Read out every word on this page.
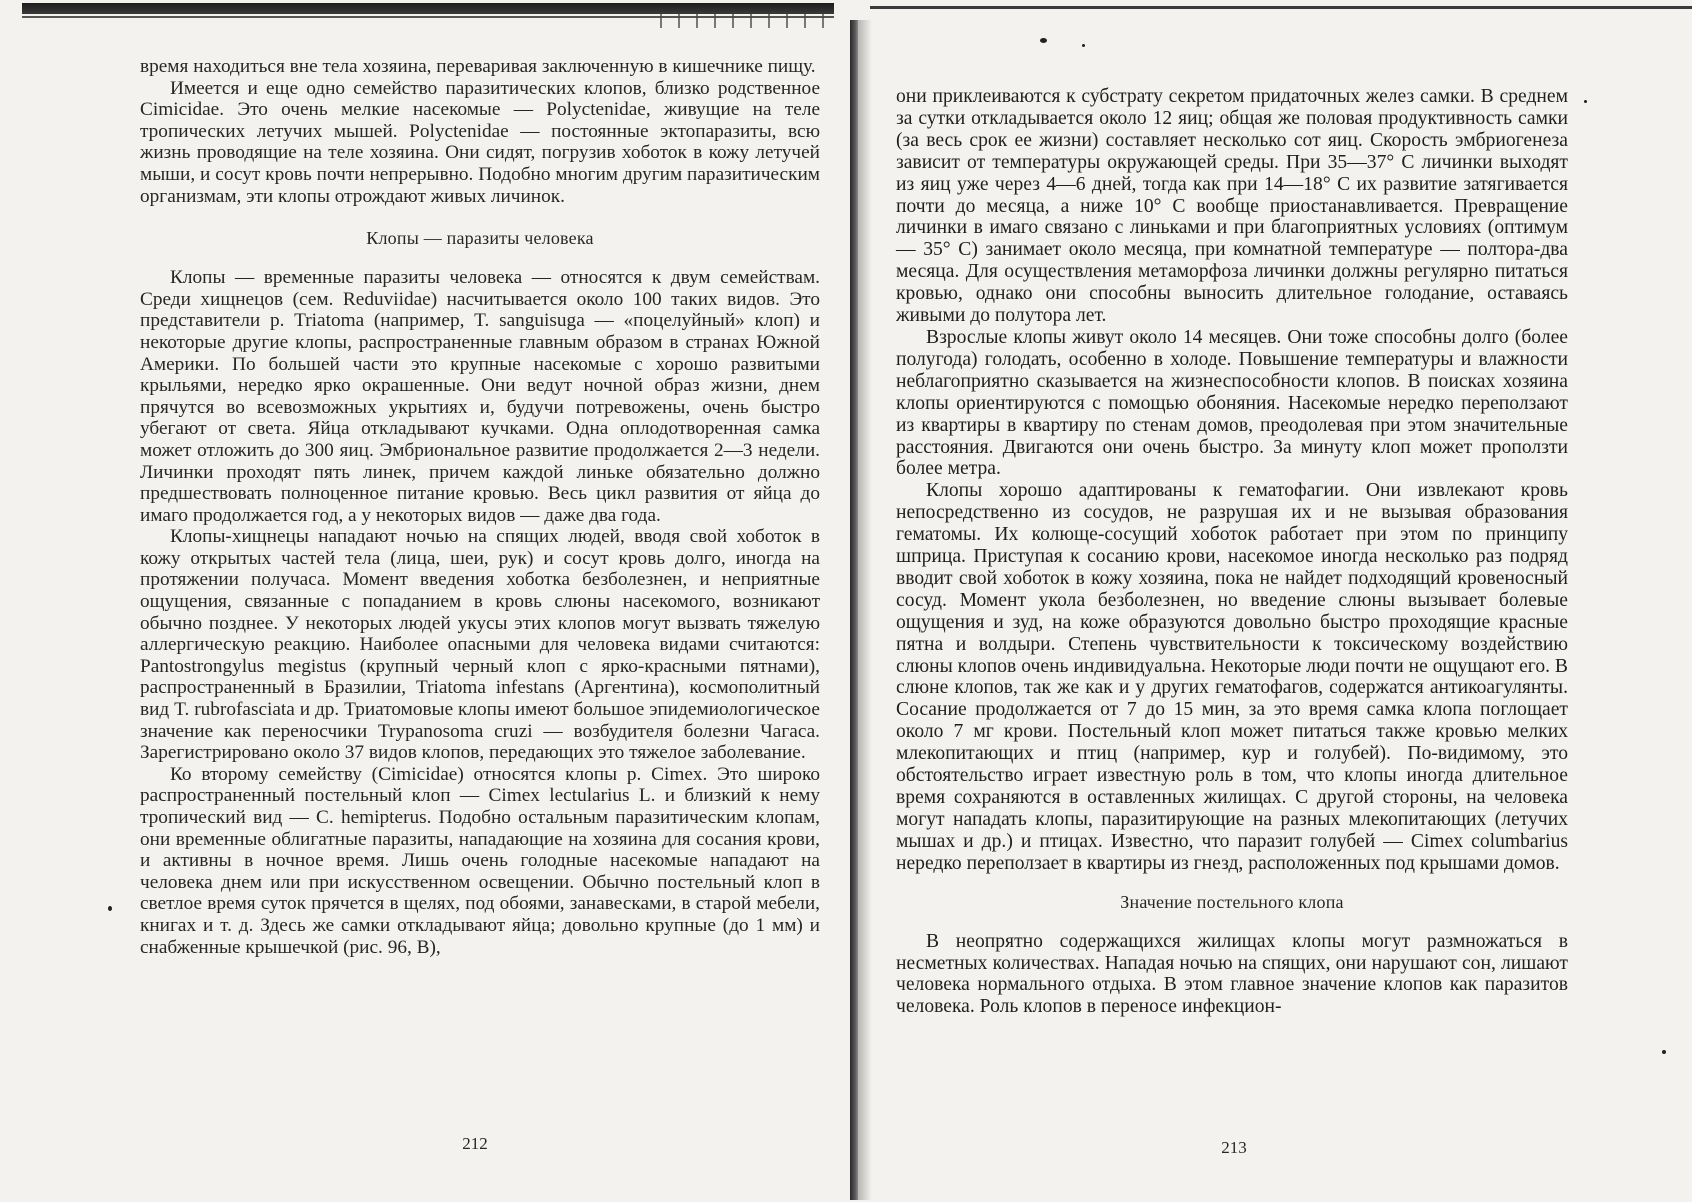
время находиться вне тела хозяина, переваривая заключенную в кишечнике пищу.

Имеется и еще одно семейство паразитических клопов, близко родственное Cimicidae. Это очень мелкие насекомые — Polyctenidae, живущие на теле тропических летучих мышей. Polyctenidae — постоянные эктопаразиты, всю жизнь проводящие на теле хозяина. Они сидят, погрузив хоботок в кожу летучей мыши, и сосут кровь почти непрерывно. Подобно многим другим паразитическим организмам, эти клопы отрождают живых личинок.

Клопы — паразиты человека

Клопы — временные паразиты человека — относятся к двум семействам. Среди хищнецов (сем. Reduviidae) насчитывается около 100 таких видов. Это представители р. Triatoma (например, T. sanguisuga — «поцелуйный» клоп) и некоторые другие клопы, распространенные главным образом в странах Южной Америки. По большей части это крупные насекомые с хорошо развитыми крыльями, нередко ярко окрашенные. Они ведут ночной образ жизни, днем прячутся во всевозможных укрытиях и, будучи потревожены, очень быстро убегают от света. Яйца откладывают кучками. Одна оплодотворенная самка может отложить до 300 яиц. Эмбриональное развитие продолжается 2—3 недели. Личинки проходят пять линек, причем каждой линьке обязательно должно предшествовать полноценное питание кровью. Весь цикл развития от яйца до имаго продолжается год, а у некоторых видов — даже два года.

Клопы-хищнецы нападают ночью на спящих людей, вводя свой хоботок в кожу открытых частей тела (лица, шеи, рук) и сосут кровь долго, иногда на протяжении получаса. Момент введения хоботка безболезнен, и неприятные ощущения, связанные с попаданием в кровь слюны насекомого, возникают обычно позднее. У некоторых людей укусы этих клопов могут вызвать тяжелую аллергическую реакцию. Наиболее опасными для человека видами считаются: Pantostrongylus megistus (крупный черный клоп с ярко-красными пятнами), распространенный в Бразилии, Triatoma infestans (Аргентина), космополитный вид T. rubrofasciata и др. Триатомовые клопы имеют большое эпидемиологическое значение как переносчики Trypanosoma cruzi — возбудителя болезни Чагаса. Зарегистрировано около 37 видов клопов, передающих это тяжелое заболевание.

Ко второму семейству (Cimicidae) относятся клопы р. Cimex. Это широко распространенный постельный клоп — Cimex lectularius L. и близкий к нему тропический вид — C. hemipterus. Подобно остальным паразитическим клопам, они временные облигатные паразиты, нападающие на хозяина для сосания крови, и активны в ночное время. Лишь очень голодные насекомые нападают на человека днем или при искусственном освещении. Обычно постельный клоп в светлое время суток прячется в щелях, под обоями, занавесками, в старой мебели, книгах и т. д. Здесь же самки откладывают яйца; довольно крупные (до 1 мм) и снабженные крышечкой (рис. 96, B),

212

они приклеиваются к субстрату секретом придаточных желез самки. В среднем за сутки откладывается около 12 яиц; общая же половая продуктивность самки (за весь срок ее жизни) составляет несколько сот яиц. Скорость эмбриогенеза зависит от температуры окружающей среды. При 35—37° С личинки выходят из яиц уже через 4—6 дней, тогда как при 14—18° С их развитие затягивается почти до месяца, а ниже 10° С вообще приостанавливается. Превращение личинки в имаго связано с линьками и при благоприятных условиях (оптимум — 35° С) занимает около месяца, при комнатной температуре — полтора-два месяца. Для осуществления метаморфоза личинки должны регулярно питаться кровью, однако они способны выносить длительное голодание, оставаясь живыми до полутора лет.

Взрослые клопы живут около 14 месяцев. Они тоже способны долго (более полугода) голодать, особенно в холоде. Повышение температуры и влажности неблагоприятно сказывается на жизнеспособности клопов. В поисках хозяина клопы ориентируются с помощью обоняния. Насекомые нередко переползают из квартиры в квартиру по стенам домов, преодолевая при этом значительные расстояния. Двигаются они очень быстро. За минуту клоп может проползти более метра.

Клопы хорошо адаптированы к гематофагии. Они извлекают кровь непосредственно из сосудов, не разрушая их и не вызывая образования гематомы. Их колюще-сосущий хоботок работает при этом по принципу шприца. Приступая к сосанию крови, насекомое иногда несколько раз подряд вводит свой хоботок в кожу хозяина, пока не найдет подходящий кровеносный сосуд. Момент укола безболезнен, но введение слюны вызывает болевые ощущения и зуд, на коже образуются довольно быстро проходящие красные пятна и волдыри. Степень чувствительности к токсическому воздействию слюны клопов очень индивидуальна. Некоторые люди почти не ощущают его. В слюне клопов, так же как и у других гематофагов, содержатся антикоагулянты. Сосание продолжается от 7 до 15 мин, за это время самка клопа поглощает около 7 мг крови. Постельный клоп может питаться также кровью мелких млекопитающих и птиц (например, кур и голубей). По-видимому, это обстоятельство играет известную роль в том, что клопы иногда длительное время сохраняются в оставленных жилищах. С другой стороны, на человека могут нападать клопы, паразитирующие на разных млекопитающих (летучих мышах и др.) и птицах. Известно, что паразит голубей — Cimex columbarius нередко переползает в квартиры из гнезд, расположенных под крышами домов.

Значение постельного клопа

В неопрятно содержащихся жилищах клопы могут размножаться в несметных количествах. Нападая ночью на спящих, они нарушают сон, лишают человека нормального отдыха. В этом главное значение клопов как паразитов человека. Роль клопов в переносе инфекцион-

213
